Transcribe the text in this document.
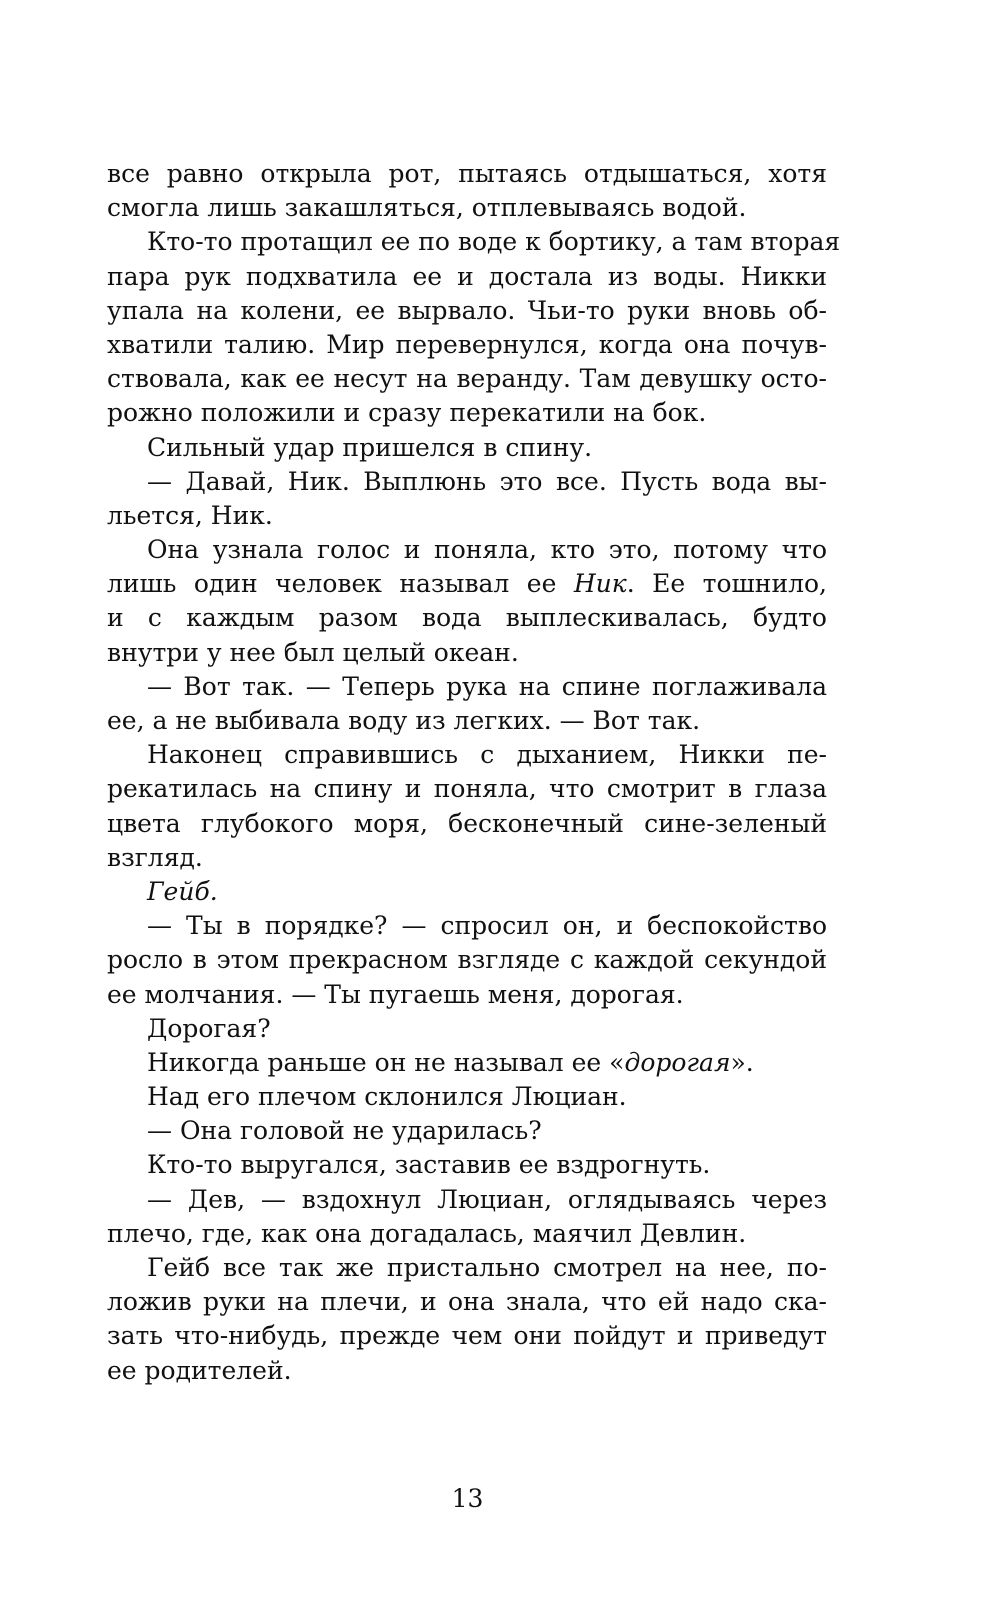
все равно открыла рот, пытаясь отдышаться, хотя
смогла лишь закашляться, отплевываясь водой.
Кто-то протащил ее по воде к бортику, а там вторая
пара рук подхватила ее и достала из воды. Никки
упала на колени, ее вырвало. Чьи-то руки вновь об-
хватили талию. Мир перевернулся, когда она почув-
ствовала, как ее несут на веранду. Там девушку осто-
рожно положили и сразу перекатили на бок.
Сильный удар пришелся в спину.
— Давай, Ник. Выплюнь это все. Пусть вода вы-
льется, Ник.
Она узнала голос и поняла, кто это, потому что
лишь один человек называл ее Ник. Ее тошнило,
и с каждым разом вода выплескивалась, будто
внутри у нее был целый океан.
— Вот так. — Теперь рука на спине поглаживала
ее, а не выбивала воду из легких. — Вот так.
Наконец справившись с дыханием, Никки пе-
рекатилась на спину и поняла, что смотрит в глаза
цвета глубокого моря, бесконечный сине-зеленый
взгляд.
Гейб.
— Ты в порядке? — спросил он, и беспокойство
росло в этом прекрасном взгляде с каждой секундой
ее молчания. — Ты пугаешь меня, дорогая.
Дорогая?
Никогда раньше он не называл ее «дорогая».
Над его плечом склонился Люциан.
— Она головой не ударилась?
Кто-то выругался, заставив ее вздрогнуть.
— Дев, — вздохнул Люциан, оглядываясь через
плечо, где, как она догадалась, маячил Девлин.
Гейб все так же пристально смотрел на нее, по-
ложив руки на плечи, и она знала, что ей надо ска-
зать что-нибудь, прежде чем они пойдут и приведут
ее родителей.
13
